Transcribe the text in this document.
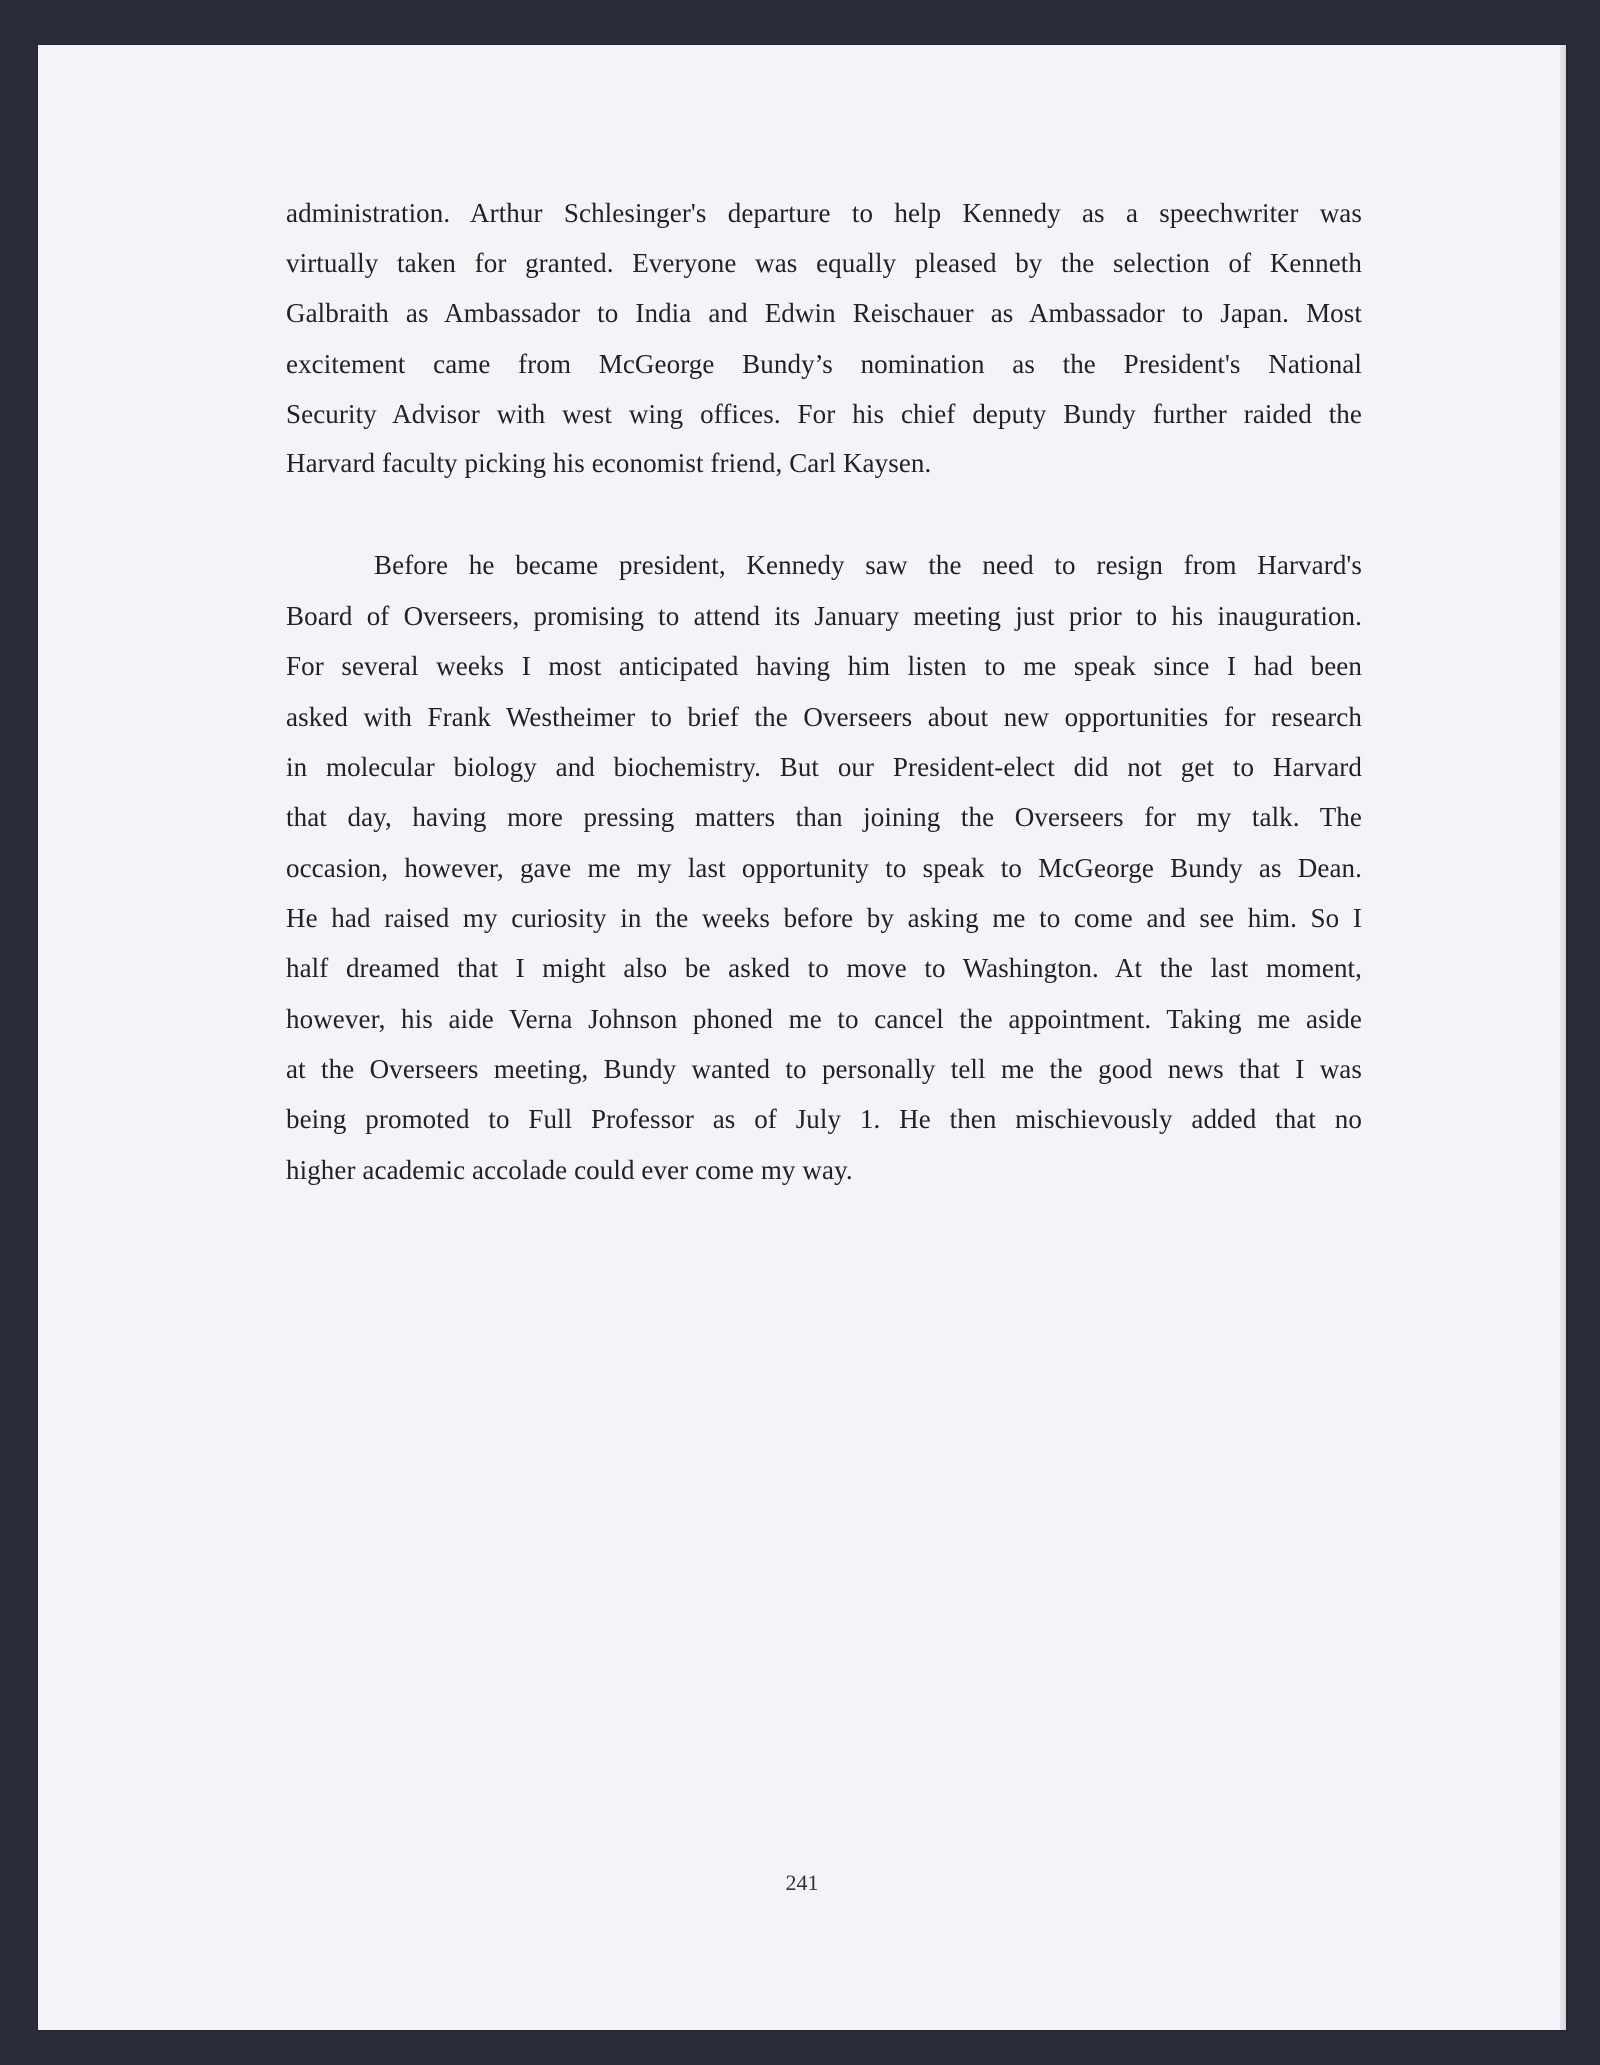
administration. Arthur Schlesinger's departure to help Kennedy as a speechwriter was
virtually taken for granted. Everyone was equally pleased by the selection of Kenneth
Galbraith as Ambassador to India and Edwin Reischauer as Ambassador to Japan. Most
excitement came from McGeorge Bundy’s nomination as the President's National
Security Advisor with west wing offices. For his chief deputy Bundy further raided the
Harvard faculty picking his economist friend, Carl Kaysen.
Before he became president, Kennedy saw the need to resign from Harvard's
Board of Overseers, promising to attend its January meeting just prior to his inauguration.
For several weeks I most anticipated having him listen to me speak since I had been
asked with Frank Westheimer to brief the Overseers about new opportunities for research
in molecular biology and biochemistry. But our President-elect did not get to Harvard
that day, having more pressing matters than joining the Overseers for my talk. The
occasion, however, gave me my last opportunity to speak to McGeorge Bundy as Dean.
He had raised my curiosity in the weeks before by asking me to come and see him. So I
half dreamed that I might also be asked to move to Washington. At the last moment,
however, his aide Verna Johnson phoned me to cancel the appointment. Taking me aside
at the Overseers meeting, Bundy wanted to personally tell me the good news that I was
being promoted to Full Professor as of July 1. He then mischievously added that no
higher academic accolade could ever come my way.
241
